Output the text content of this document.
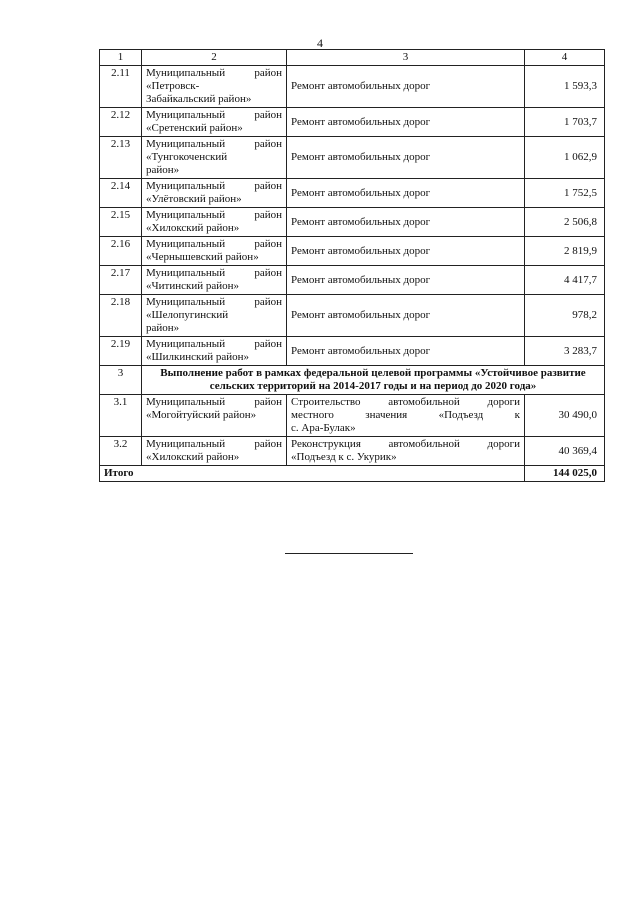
4
1	2	3	4
2.11	Муниципальный район
«Петровск-
Забайкальский район»	Ремонт автомобильных дорог	1 593,3
2.12	Муниципальный район
«Сретенский район»	Ремонт автомобильных дорог	1 703,7
2.13	Муниципальный район
«Тунгокоченский
район»	Ремонт автомобильных дорог	1 062,9
2.14	Муниципальный район
«Улётовский район»	Ремонт автомобильных дорог	1 752,5
2.15	Муниципальный район
«Хилокский район»	Ремонт автомобильных дорог	2 506,8
2.16	Муниципальный район
«Чернышевский район»	Ремонт автомобильных дорог	2 819,9
2.17	Муниципальный район
«Читинский район»	Ремонт автомобильных дорог	4 417,7
2.18	Муниципальный район
«Шелопугинский
район»	Ремонт автомобильных дорог	978,2
2.19	Муниципальный район
«Шилкинский район»	Ремонт автомобильных дорог	3 283,7
3	Выполнение работ в рамках федеральной целевой программы «Устойчивое развитие сельских территорий на 2014-2017 годы и на период до 2020 года»		
3.1	Муниципальный район
«Могойтуйский район»	Строительство автомобильной дороги
местного значения «Подъезд к
с. Ара-Булак»	30 490,0
3.2	Муниципальный район
«Хилокский район»	Реконструкция автомобильной дороги
«Подъезд к с. Укурик»	40 369,4
Итого			144 025,0
